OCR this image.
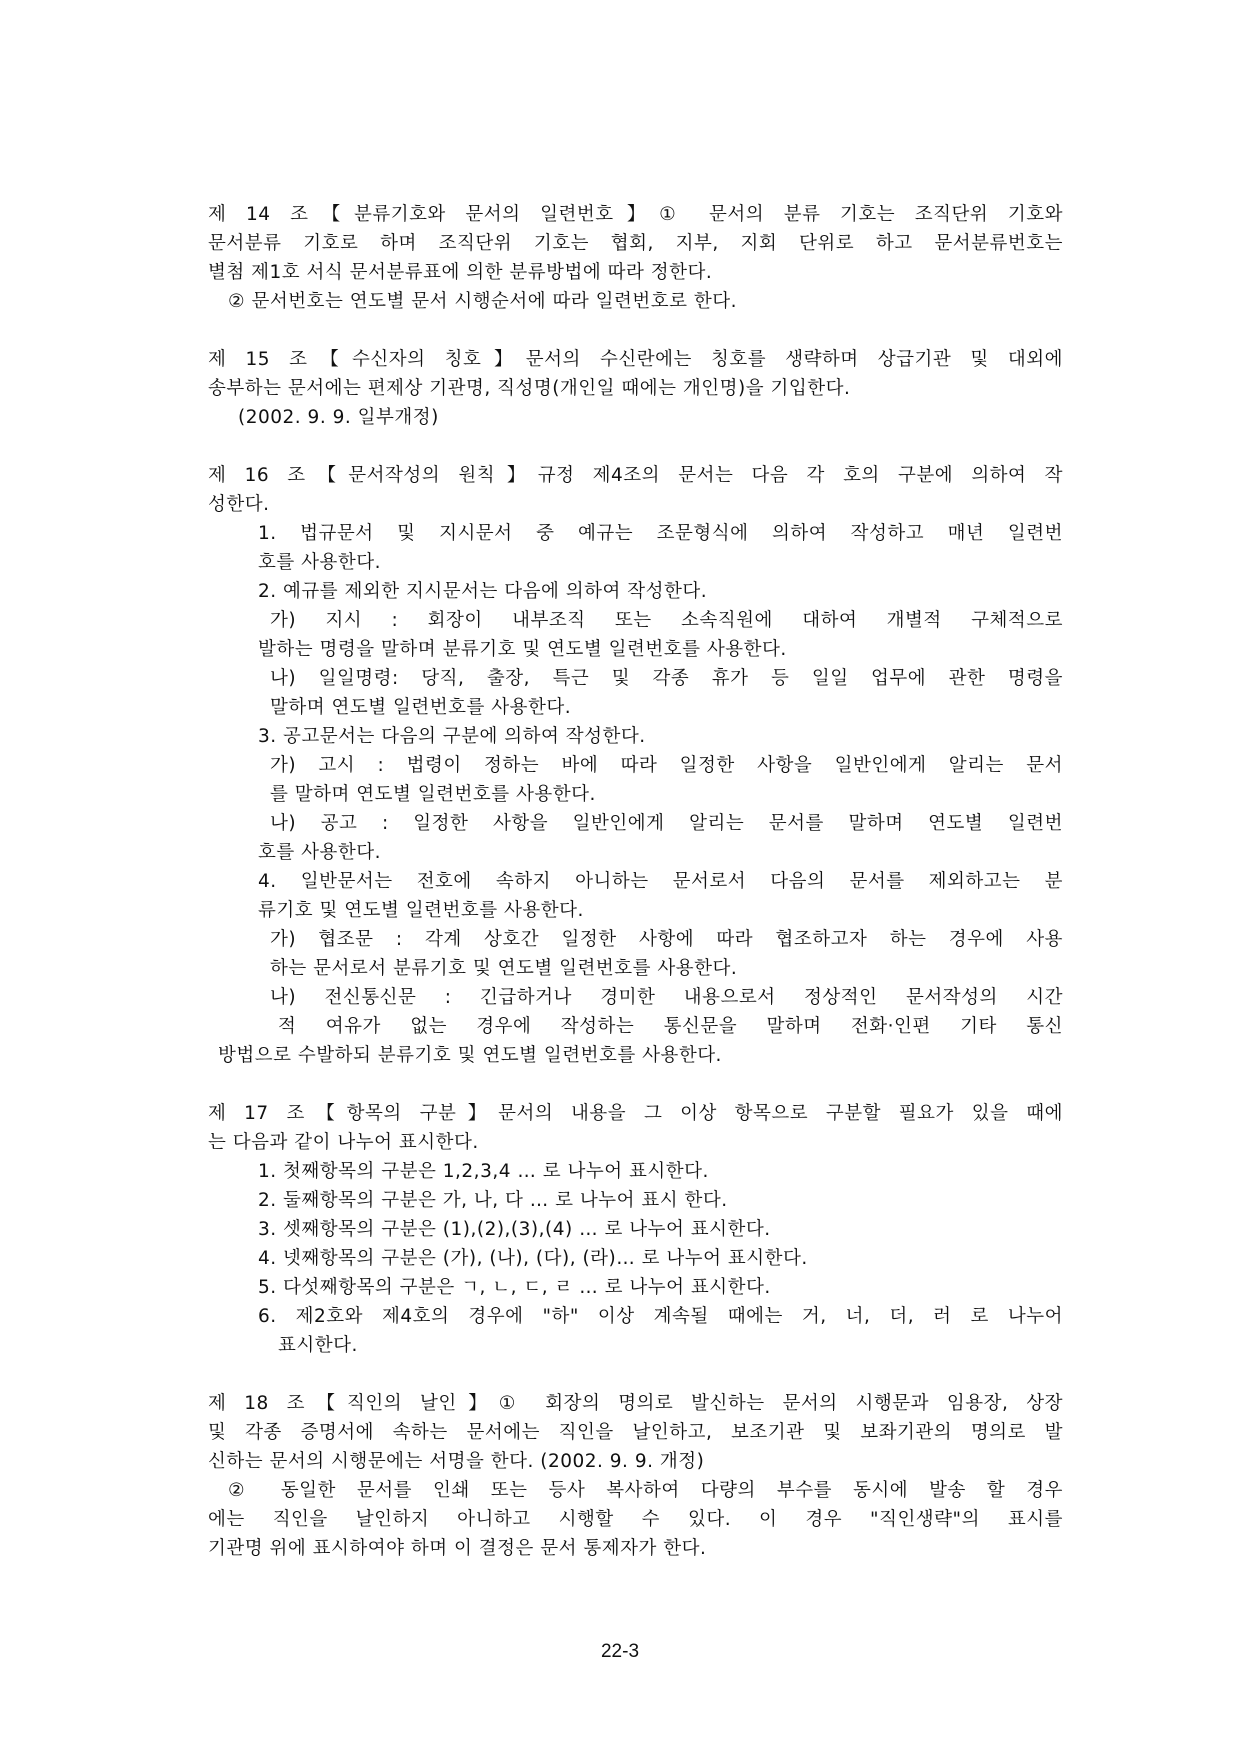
제 14 조【분류기호와 문서의 일련번호】① 문서의 분류 기호는 조직단위 기호와
문서분류 기호로 하며 조직단위 기호는 협회, 지부, 지회 단위로 하고 문서분류번호는
별첨 제1호 서식 문서분류표에 의한 분류방법에 따라 정한다.
② 문서번호는 연도별 문서 시행순서에 따라 일련번호로 한다.
제 15 조【수신자의 칭호】문서의 수신란에는 칭호를 생략하며 상급기관 및 대외에
송부하는 문서에는 편제상 기관명, 직성명(개인일 때에는 개인명)을 기입한다.
(2002. 9. 9. 일부개정)
제 16 조【문서작성의 원칙】규정 제4조의 문서는 다음 각 호의 구분에 의하여 작
성한다.
1. 법규문서 및 지시문서 중 예규는 조문형식에 의하여 작성하고 매년 일련번
호를 사용한다.
2. 예규를 제외한 지시문서는 다음에 의하여 작성한다.
가) 지시 : 회장이 내부조직 또는 소속직원에 대하여 개별적 구체적으로
발하는 명령을 말하며 분류기호 및 연도별 일련번호를 사용한다.
나) 일일명령: 당직, 출장, 특근 및 각종 휴가 등 일일 업무에 관한 명령을
말하며 연도별 일련번호를 사용한다.
3. 공고문서는 다음의 구분에 의하여 작성한다.
가) 고시 : 법령이 정하는 바에 따라 일정한 사항을 일반인에게 알리는 문서
를 말하며 연도별 일련번호를 사용한다.
나) 공고 : 일정한 사항을 일반인에게 알리는 문서를 말하며 연도별 일련번
호를 사용한다.
4. 일반문서는 전호에 속하지 아니하는 문서로서 다음의 문서를 제외하고는 분
류기호 및 연도별 일련번호를 사용한다.
가) 협조문 : 각계 상호간 일정한 사항에 따라 협조하고자 하는 경우에 사용
하는 문서로서 분류기호 및 연도별 일련번호를 사용한다.
나) 전신통신문 : 긴급하거나 경미한 내용으로서 정상적인 문서작성의 시간
적 여유가 없는 경우에 작성하는 통신문을 말하며 전화·인편 기타 통신
방법으로 수발하되 분류기호 및 연도별 일련번호를 사용한다.
제 17 조【항목의 구분】문서의 내용을 그 이상 항목으로 구분할 필요가 있을 때에
는 다음과 같이 나누어 표시한다.
1. 첫째항목의 구분은 1,2,3,4 … 로 나누어 표시한다.
2. 둘째항목의 구분은 가, 나, 다 … 로 나누어 표시 한다.
3. 셋째항목의 구분은 (1),(2),(3),(4) … 로 나누어 표시한다.
4. 넷째항목의 구분은 (가), (나), (다), (라)… 로 나누어 표시한다.
5. 다섯째항목의 구분은 ㄱ, ㄴ, ㄷ, ㄹ … 로 나누어 표시한다.
6. 제2호와 제4호의 경우에 "하" 이상 계속될 때에는 거, 너, 더, 러 로 나누어
표시한다.
제 18 조【직인의 날인】① 회장의 명의로 발신하는 문서의 시행문과 임용장, 상장
및 각종 증명서에 속하는 문서에는 직인을 날인하고, 보조기관 및 보좌기관의 명의로 발
신하는 문서의 시행문에는 서명을 한다. (2002. 9. 9. 개정)
② 동일한 문서를 인쇄 또는 등사 복사하여 다량의 부수를 동시에 발송 할 경우
에는 직인을 날인하지 아니하고 시행할 수 있다. 이 경우 "직인생략"의 표시를
기관명 위에 표시하여야 하며 이 결정은 문서 통제자가 한다.
22-3
